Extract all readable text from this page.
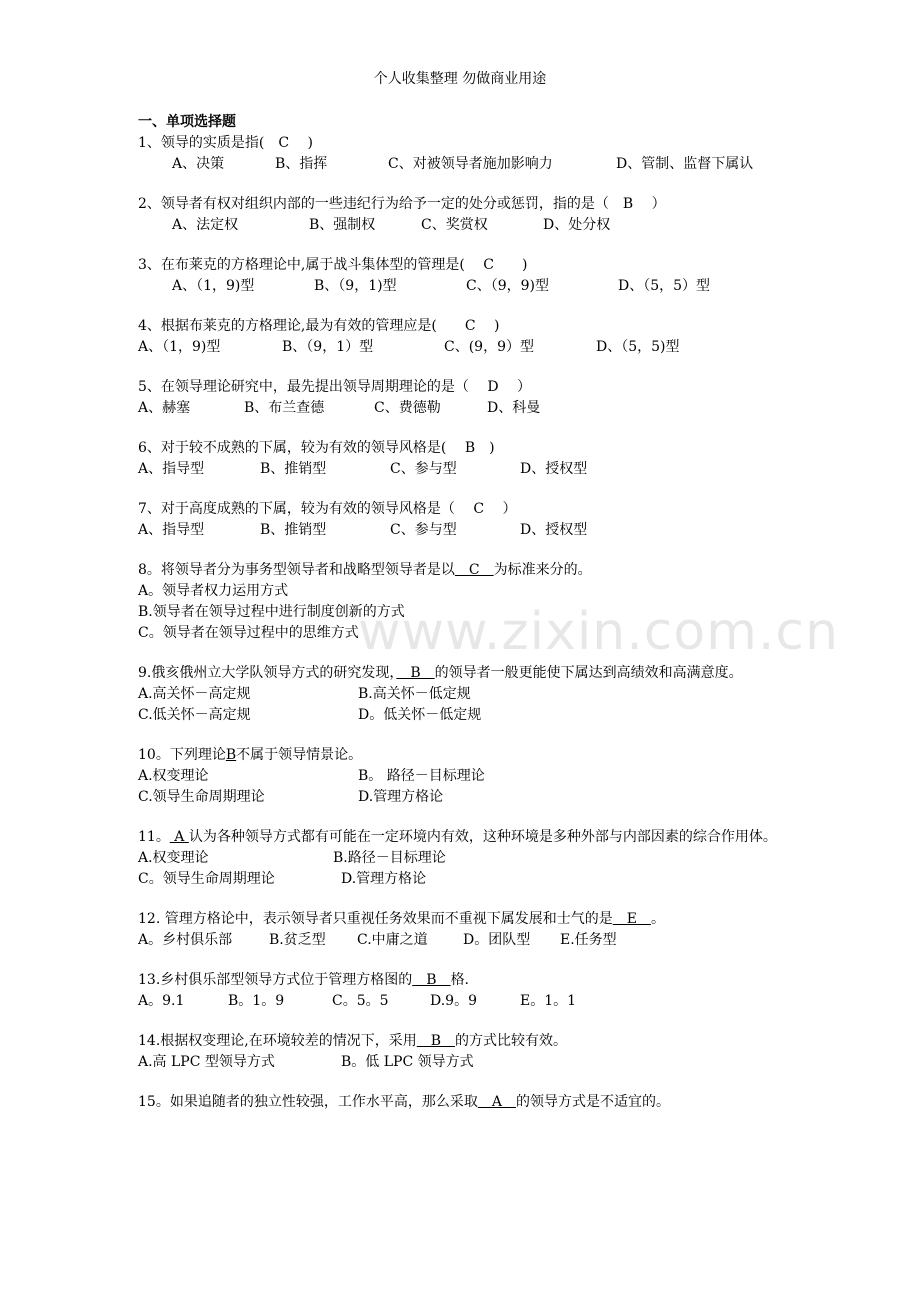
个人收集整理 勿做商业用途
一、单项选择题
1、领导的实质是指(　C　 )
A、决策	B、指挥	C、对被领导者施加影响力	D、管制、监督下属认
2、领导者有权对组织内部的一些违纪行为给予一定的处分或惩罚，指的是（　B　 ）
A、法定权	B、强制权	C、奖赏权	D、处分权
3、在布莱克的方格理论中,属于战斗集体型的管理是(　 C　　)
A、（1，9)型	B、（9，1)型	C、（9，9)型	D、（5，5）型
4、根据布莱克的方格理论,最为有效的管理应是(　　C　 )
A、（1，9)型	B、（9，1）型	C、(9，9）型	D、（5，5)型
5、在领导理论研究中，最先提出领导周期理论的是（　 D　 ）
A、赫塞	B、布兰查德	C、费德勒	D、科曼
6、对于较不成熟的下属，较为有效的领导风格是(　 B　)
A、指导型	B、推销型	C、参与型	D、授权型
7、对于高度成熟的下属，较为有效的领导风格是（　 C　 ）
A、指导型	B、推销型	C、参与型	D、授权型
8。将领导者分为事务型领导者和战略型领导者是以 　C　 为标准来分的。
A。领导者权力运用方式
B.领导者在领导过程中进行制度创新的方式
C。领导者在领导过程中的思维方式
9.俄亥俄州立大学队领导方式的研究发现，　B　的领导者一般更能使下属达到高绩效和高满意度。
A.高关怀－高定规	B.高关怀－低定规
C.低关怀－高定规	D。低关怀－低定规
10。下列理论 B 不属于领导情景论。
A.权变理论	B。 路径－目标理论
C.领导生命周期理论	D.管理方格论
11。 A 认为各种领导方式都有可能在一定环境内有效，这种环境是多种外部与内部因素的综合作用体。
A.权变理论	B.路径－目标理论
C。领导生命周期理论	D.管理方格论
12. 管理方格论中，表示领导者只重视任务效果而不重视下属发展和士气的是 　E　 。
A。乡村俱乐部	B.贫乏型	C.中庸之道	D。团队型	E.任务型
13.乡村俱乐部型领导方式位于管理方格图的 　B　 格.
A。9.1	B。1。9	C。5。5	D.9。9	E。1。1
14.根据权变理论,在环境较差的情况下，采用 　B　 的方式比较有效。
A.高 LPC 型领导方式	B。低 LPC 领导方式
15。如果追随者的独立性较强，工作水平高，那么采取 　A　 的领导方式是不适宜的。
www.zixin.com.cn
